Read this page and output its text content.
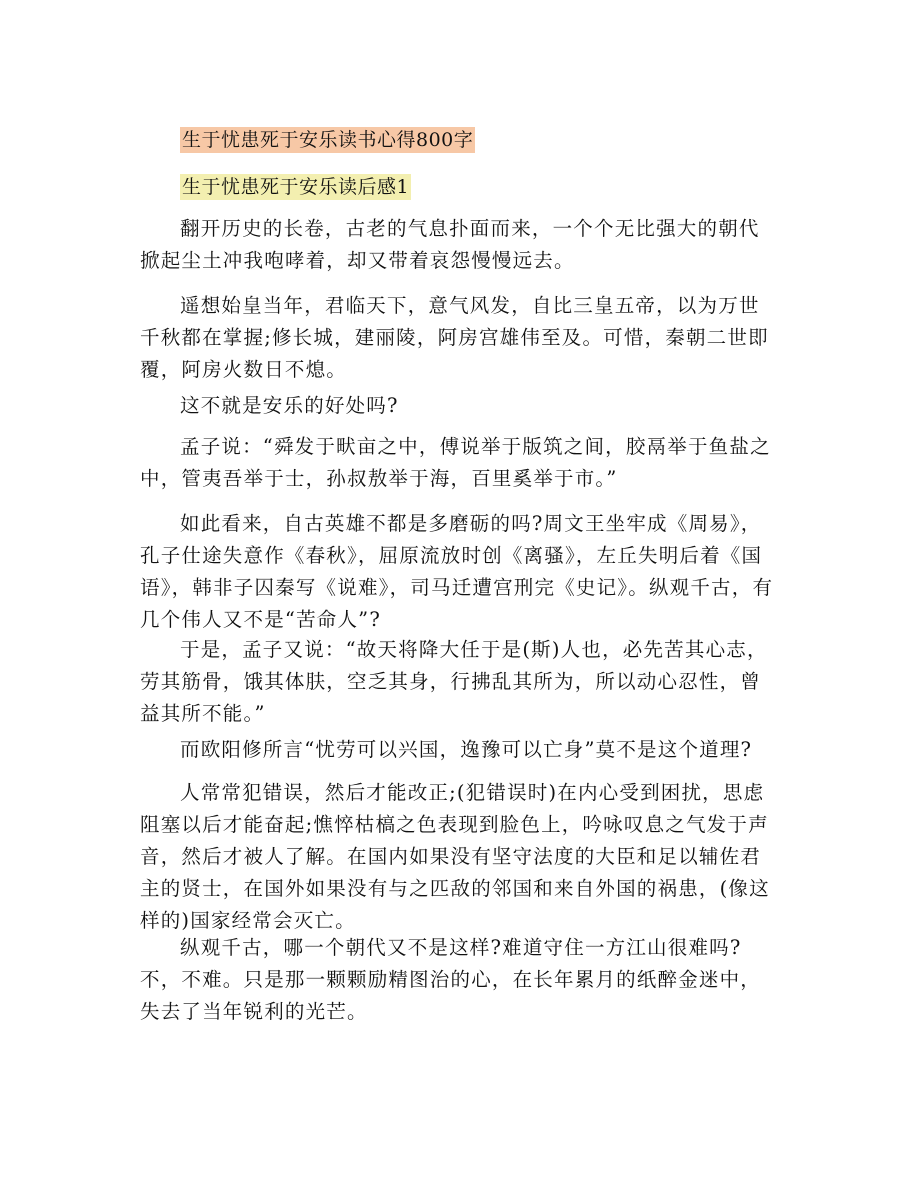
生于忧患死于安乐读书心得800字
生于忧患死于安乐读后感1

翻开历史的长卷，古老的气息扑面而来，一个个无比强大的朝代掀起尘土冲我咆哮着，却又带着哀怨慢慢远去。

遥想始皇当年，君临天下，意气风发，自比三皇五帝，以为万世千秋都在掌握;修长城，建丽陵，阿房宫雄伟至及。可惜，秦朝二世即覆，阿房火数日不熄。

这不就是安乐的好处吗?

孟子说：“舜发于畎亩之中，傅说举于版筑之间，胶鬲举于鱼盐之中，管夷吾举于士，孙叔敖举于海，百里奚举于市。”

如此看来，自古英雄不都是多磨砺的吗?周文王坐牢成《周易》，孔子仕途失意作《春秋》，屈原流放时创《离骚》，左丘失明后着《国语》，韩非子囚秦写《说难》，司马迁遭宫刑完《史记》。纵观千古，有几个伟人又不是“苦命人”?

于是，孟子又说：“故天将降大任于是(斯)人也，必先苦其心志，劳其筋骨，饿其体肤，空乏其身，行拂乱其所为，所以动心忍性，曾益其所不能。”

而欧阳修所言“忧劳可以兴国，逸豫可以亡身”莫不是这个道理?

人常常犯错误，然后才能改正;(犯错误时)在内心受到困扰，思虑阻塞以后才能奋起;憔悴枯槁之色表现到脸色上，吟咏叹息之气发于声音，然后才被人了解。在国内如果没有坚守法度的大臣和足以辅佐君主的贤士，在国外如果没有与之匹敌的邻国和来自外国的祸患，(像这样的)国家经常会灭亡。

纵观千古，哪一个朝代又不是这样?难道守住一方江山很难吗?不，不难。只是那一颗颗励精图治的心，在长年累月的纸醉金迷中，失去了当年锐利的光芒。
